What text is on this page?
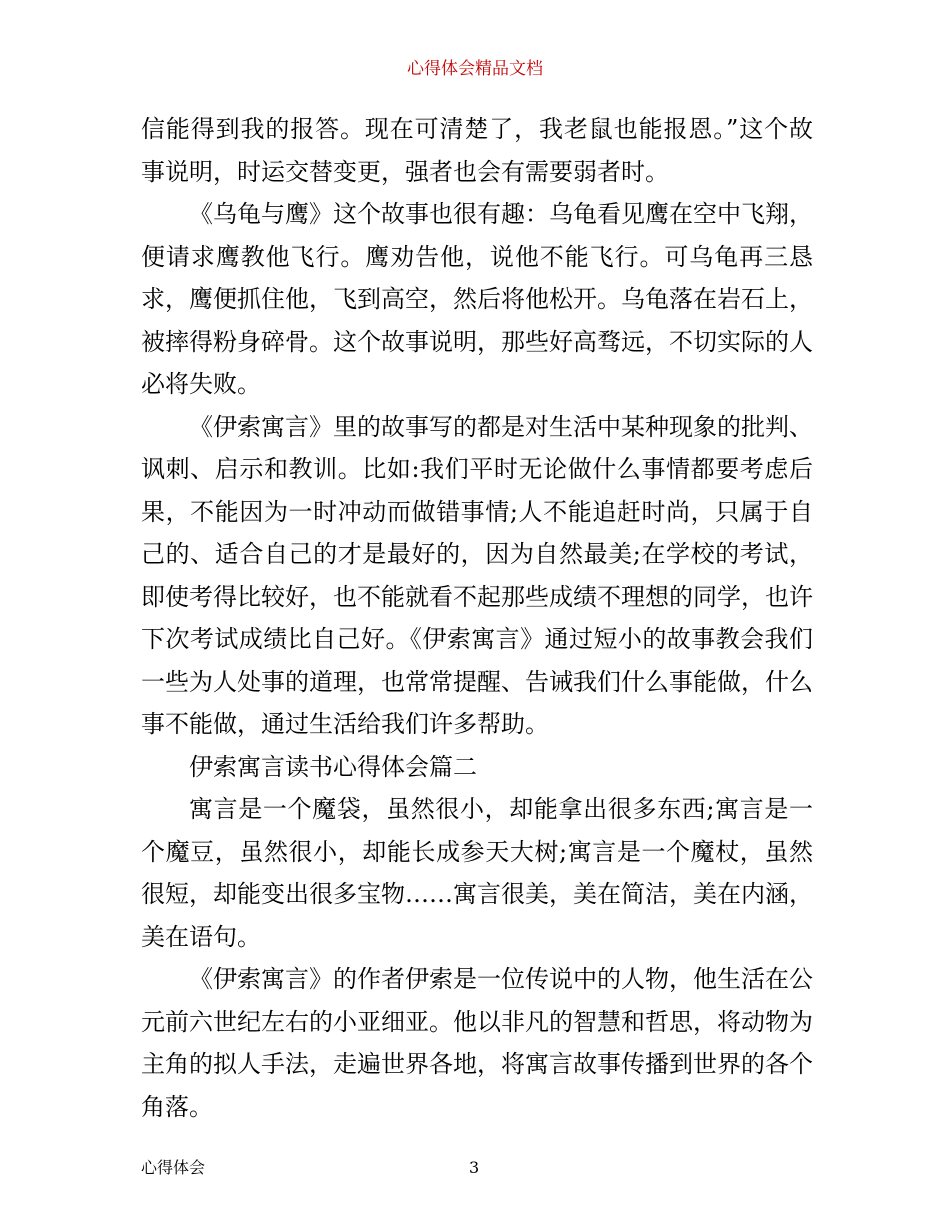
心得体会精品文档

信能得到我的报答。现在可清楚了，我老鼠也能报恩。”这个故事说明，时运交替变更，强者也会有需要弱者时。

《乌龟与鹰》这个故事也很有趣：乌龟看见鹰在空中飞翔，便请求鹰教他飞行。鹰劝告他，说他不能飞行。可乌龟再三恳求，鹰便抓住他，飞到高空，然后将他松开。乌龟落在岩石上，被摔得粉身碎骨。这个故事说明，那些好高骛远，不切实际的人必将失败。

《伊索寓言》里的故事写的都是对生活中某种现象的批判、讽刺、启示和教训。比如:我们平时无论做什么事情都要考虑后果，不能因为一时冲动而做错事情;人不能追赶时尚，只属于自己的、适合自己的才是最好的，因为自然最美;在学校的考试，即使考得比较好，也不能就看不起那些成绩不理想的同学，也许下次考试成绩比自己好。《伊索寓言》通过短小的故事教会我们一些为人处事的道理，也常常提醒、告诫我们什么事能做，什么事不能做，通过生活给我们许多帮助。

伊索寓言读书心得体会篇二

寓言是一个魔袋，虽然很小，却能拿出很多东西;寓言是一个魔豆，虽然很小，却能长成参天大树;寓言是一个魔杖，虽然很短，却能变出很多宝物……寓言很美，美在简洁，美在内涵，美在语句。

《伊索寓言》的作者伊索是一位传说中的人物，他生活在公元前六世纪左右的小亚细亚。他以非凡的智慧和哲思，将动物为主角的拟人手法，走遍世界各地，将寓言故事传播到世界的各个角落。

心得体会	3
